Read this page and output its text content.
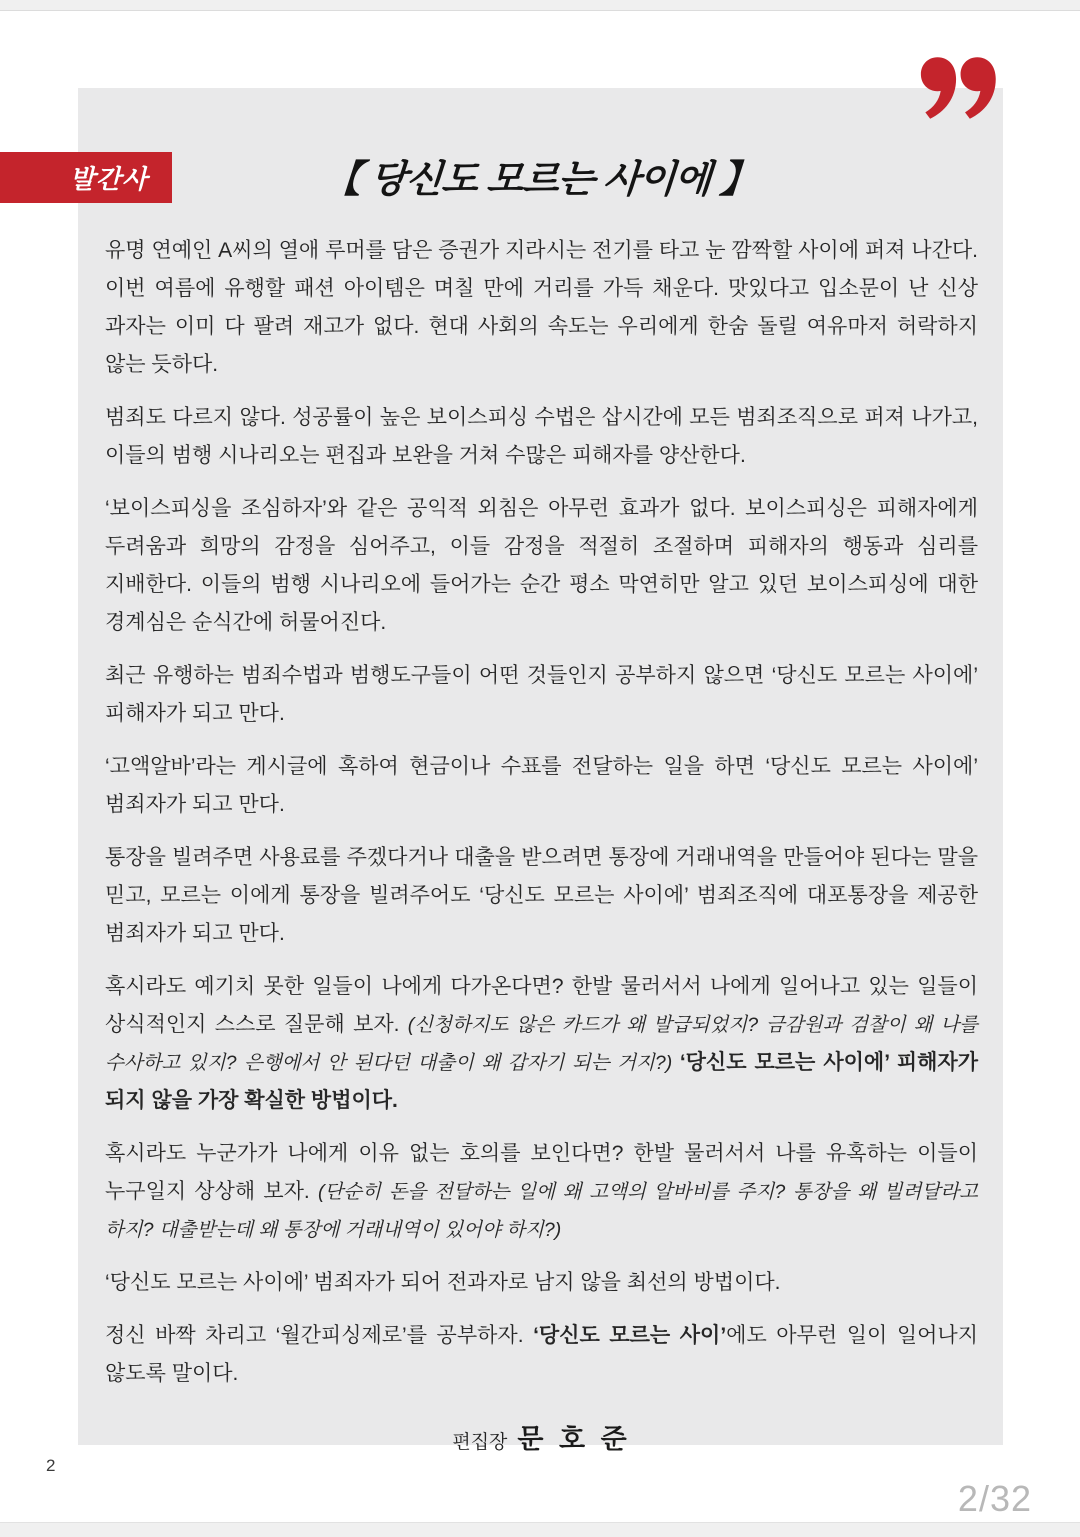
발간사	【 당신도 모르는 사이에 】

유명 연예인 A씨의 열애 루머를 담은 증권가 지라시는 전기를 타고 눈 깜짝할 사이에 퍼져 나간다. 이번 여름에 유행할 패션 아이템은 며칠 만에 거리를 가득 채운다. 맛있다고 입소문이 난 신상 과자는 이미 다 팔려 재고가 없다. 현대 사회의 속도는 우리에게 한숨 돌릴 여유마저 허락하지 않는 듯하다.

범죄도 다르지 않다. 성공률이 높은 보이스피싱 수법은 삽시간에 모든 범죄조직으로 퍼져 나가고, 이들의 범행 시나리오는 편집과 보완을 거쳐 수많은 피해자를 양산한다.

‘보이스피싱을 조심하자’와 같은 공익적 외침은 아무런 효과가 없다. 보이스피싱은 피해자에게 두려움과 희망의 감정을 심어주고, 이들 감정을 적절히 조절하며 피해자의 행동과 심리를 지배한다. 이들의 범행 시나리오에 들어가는 순간 평소 막연히만 알고 있던 보이스피싱에 대한 경계심은 순식간에 허물어진다.

최근 유행하는 범죄수법과 범행도구들이 어떤 것들인지 공부하지 않으면 ‘당신도 모르는 사이에’ 피해자가 되고 만다.

‘고액알바’라는 게시글에 혹하여 현금이나 수표를 전달하는 일을 하면 ‘당신도 모르는 사이에’ 범죄자가 되고 만다.

통장을 빌려주면 사용료를 주겠다거나 대출을 받으려면 통장에 거래내역을 만들어야 된다는 말을 믿고, 모르는 이에게 통장을 빌려주어도 ‘당신도 모르는 사이에’ 범죄조직에 대포통장을 제공한 범죄자가 되고 만다.

혹시라도 예기치 못한 일들이 나에게 다가온다면? 한발 물러서서 나에게 일어나고 있는 일들이 상식적인지 스스로 질문해 보자. (신청하지도 않은 카드가 왜 발급되었지? 금감원과 검찰이 왜 나를 수사하고 있지? 은행에서 안 된다던 대출이 왜 갑자기 되는 거지?) ‘당신도 모르는 사이에’ 피해자가 되지 않을 가장 확실한 방법이다.

혹시라도 누군가가 나에게 이유 없는 호의를 보인다면? 한발 물러서서 나를 유혹하는 이들이 누구일지 상상해 보자. (단순히 돈을 전달하는 일에 왜 고액의 알바비를 주지? 통장을 왜 빌려달라고 하지? 대출받는데 왜 통장에 거래내역이 있어야 하지?)

‘당신도 모르는 사이에’ 범죄자가 되어 전과자로 남지 않을 최선의 방법이다.

정신 바짝 차리고 ‘월간피싱제로’를 공부하자. ‘당신도 모르는 사이’에도 아무런 일이 일어나지 않도록 말이다.

편집장 문 호 준
2
2/32
